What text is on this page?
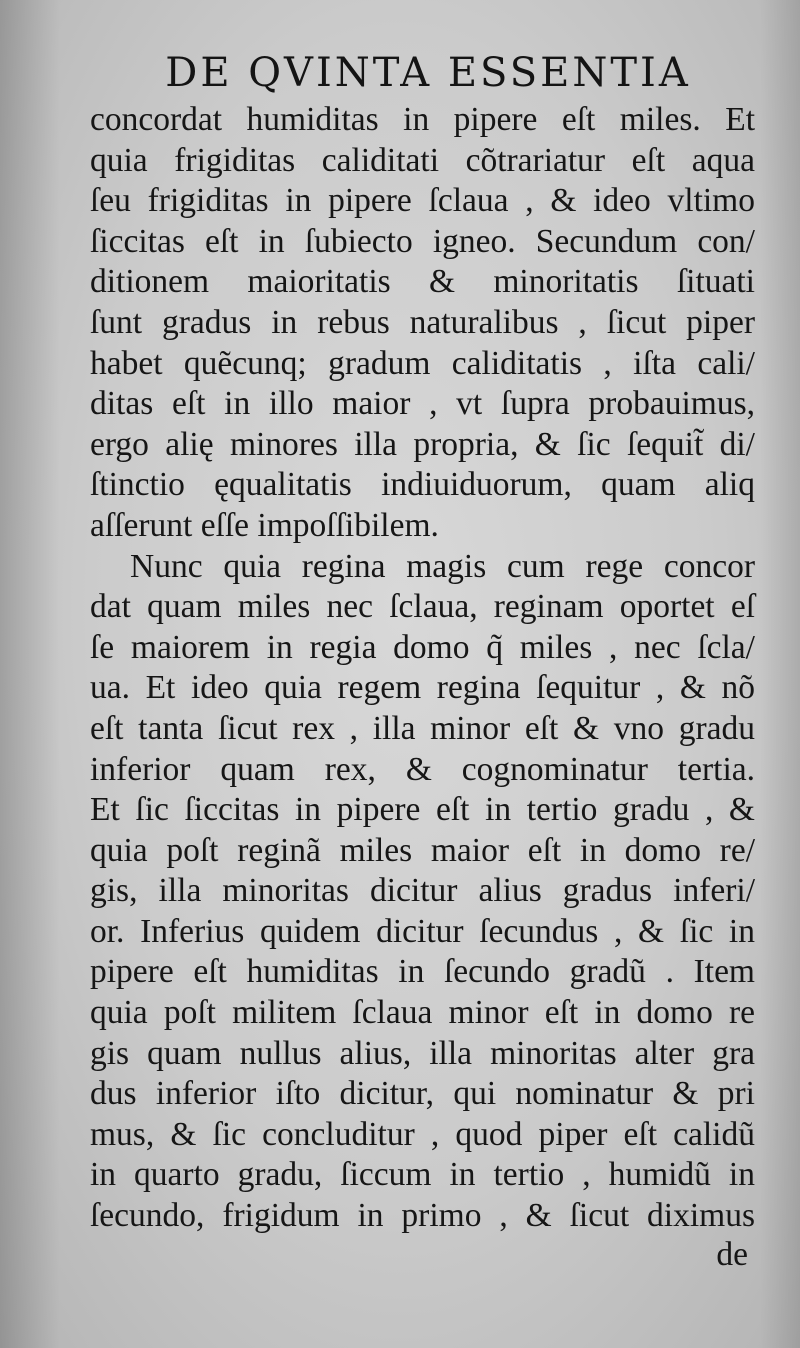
DE QVINTA ESSENTIA
concordat humiditas in pipere eſt miles. Et
quia frigiditas caliditati cõtrariatur eſt aqua
ſeu frigiditas in pipere ſclaua , & ideo vltimo
ſiccitas eſt in ſubiecto igneo. Secundum con/
ditionem maioritatis & minoritatis ſituati
ſunt gradus in rebus naturalibus , ſicut piper
habet quẽcunq; gradum caliditatis , iſta cali/
ditas eſt in illo maior , vt ſupra probauimus,
ergo alię minores illa propria, & ſic ſequit̃ di/
ſtinctio ęqualitatis indiuiduorum, quam aliq
aſſerunt eſſe impoſſibilem.
Nunc quia regina magis cum rege concor
dat quam miles nec ſclaua, reginam oportet eſ
ſe maiorem in regia domo q̃ miles , nec ſcla/
ua. Et ideo quia regem regina ſequitur , & nõ
eſt tanta ſicut rex , illa minor eſt & vno gradu
inferior quam rex, & cognominatur tertia.
Et ſic ſiccitas in pipere eſt in tertio gradu , &
quia poſt reginã miles maior eſt in domo re/
gis, illa minoritas dicitur alius gradus inferi/
or. Inferius quidem dicitur ſecundus , & ſic in
pipere eſt humiditas in ſecundo gradũ . Item
quia poſt militem ſclaua minor eſt in domo re
gis quam nullus alius, illa minoritas alter gra
dus inferior iſto dicitur, qui nominatur & pri
mus, & ſic concluditur , quod piper eſt calidũ
in quarto gradu, ſiccum in tertio , humidũ in
ſecundo, frigidum in primo , & ſicut diximus
de
